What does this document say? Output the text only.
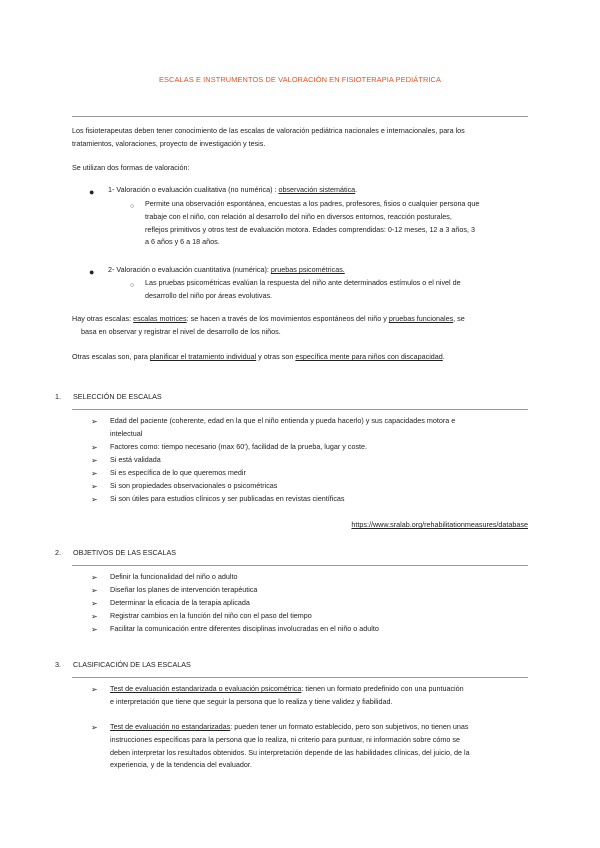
ESCALAS E INSTRUMENTOS DE VALORACIÓN EN FISIOTERAPIA PEDIÁTRICA
Los fisioterapeutas deben tener conocimiento de las escalas de valoración pediátrica nacionales e internacionales, para los
tratamientos, valoraciones, proyecto de investigación y tesis.
Se utilizan dos formas de valoración:
● 1- Valoración o evaluación cualitativa (no numérica) : observación sistemática.
○ Permite una observación espontánea, encuestas a los padres, profesores, fisios o cualquier persona que
trabaje con el niño, con relación al desarrollo del niño en diversos entornos, reacción posturales,
reflejos primitivos y otros test de evaluación motora. Edades comprendidas: 0-12 meses, 12 a 3 años, 3
a 6 años y 6 a 18 años.
● 2- Valoración o evaluación cuantitativa (numérica): pruebas psicométricas.
○ Las pruebas psicométricas evalúan la respuesta del niño ante determinados estímulos o el nivel de
desarrollo del niño por áreas evolutivas.
Hay otras escalas: escalas motrices: se hacen a través de los movimientos espontáneos del niño y pruebas funcionales, se
basa en observar y registrar el nivel de desarrollo de los niños.
Otras escalas son, para planificar el tratamiento individual y otras son específica mente para niños con discapacidad.
1. SELECCIÓN DE ESCALAS
➢ Edad del paciente (coherente, edad en la que el niño entienda y pueda hacerlo) y sus capacidades motora e
intelectual
➢ Factores como: tiempo necesario (max 60'), facilidad de la prueba, lugar y coste.
➢ Si está validada
➢ Si es específica de lo que queremos medir
➢ Si son propiedades observacionales o psicométricas
➢ Si son útiles para estudios clínicos y ser publicadas en revistas científicas
https://www.sralab.org/rehabilitationmeasures/database
2. OBJETIVOS DE LAS ESCALAS
➢ Definir la funcionalidad del niño o adulto
➢ Diseñar los planes de intervención terapéutica
➢ Determinar la eficacia de la terapia aplicada
➢ Registrar cambios en la función del niño con el paso del tiempo
➢ Facilitar la comunicación entre diferentes disciplinas involucradas en el niño o adulto
3. CLASIFICACIÓN DE LAS ESCALAS
➢ Test de evaluación estandarizada o evaluación psicométrica: tienen un formato predefinido con una puntuación
e interpretación que tiene que seguir la persona que lo realiza y tiene validez y fiabilidad.
➢ Test de evaluación no estandarizadas: pueden tener un formato establecido, pero son subjetivos, no tienen unas
instrucciones específicas para la persona que lo realiza, ni criterio para puntuar, ni información sobre cómo se
deben interpretar los resultados obtenidos. Su interpretación depende de las habilidades clínicas, del juicio, de la
experiencia, y de la tendencia del evaluador.
